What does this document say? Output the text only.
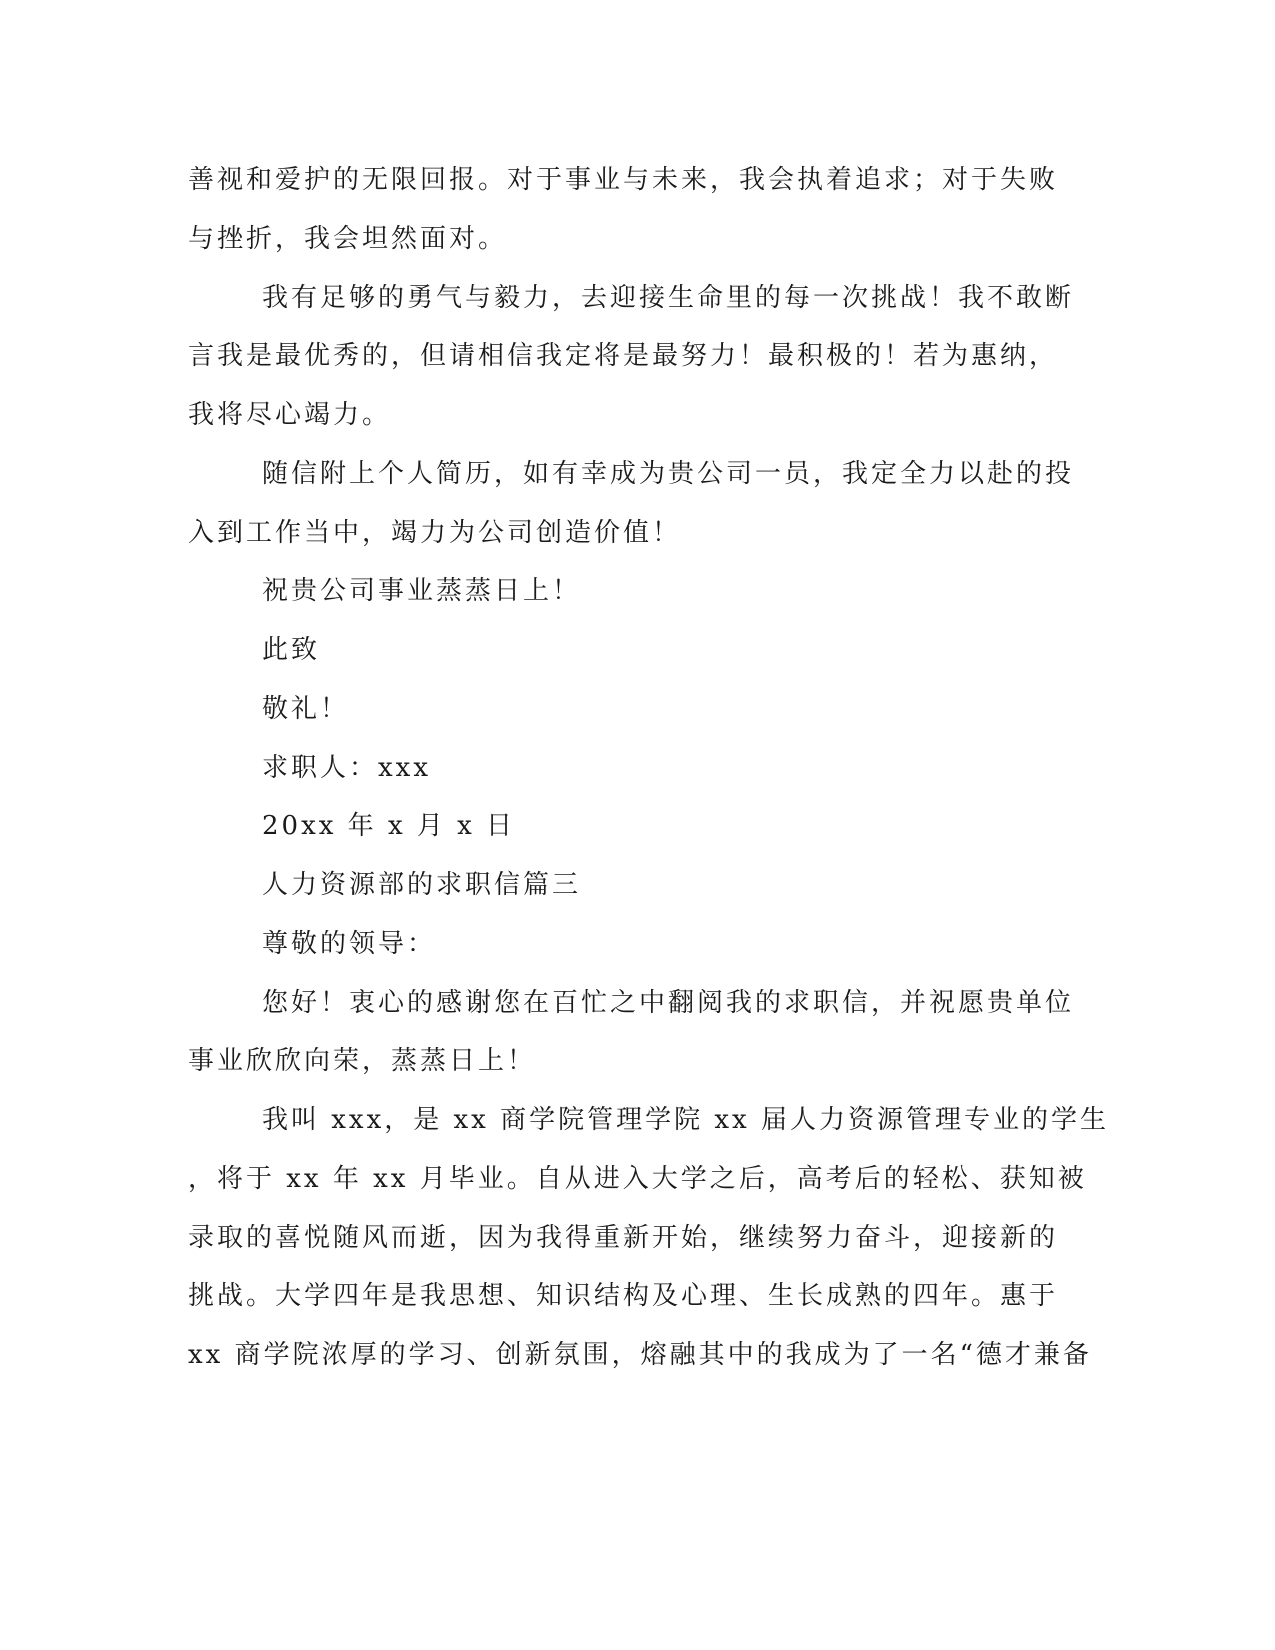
善视和爱护的无限回报。对于事业与未来，我会执着追求；对于失败
与挫折，我会坦然面对。
我有足够的勇气与毅力，去迎接生命里的每一次挑战！我不敢断
言我是最优秀的，但请相信我定将是最努力！最积极的！若为惠纳，
我将尽心竭力。
随信附上个人简历，如有幸成为贵公司一员，我定全力以赴的投
入到工作当中，竭力为公司创造价值！
祝贵公司事业蒸蒸日上！
此致
敬礼！
求职人：xxx
20xx 年 x 月 x 日
人力资源部的求职信篇三
尊敬的领导：
您好！衷心的感谢您在百忙之中翻阅我的求职信，并祝愿贵单位
事业欣欣向荣，蒸蒸日上！
我叫 xxx，是 xx 商学院管理学院 xx 届人力资源管理专业的学生
，将于 xx 年 xx 月毕业。自从进入大学之后，高考后的轻松、获知被
录取的喜悦随风而逝，因为我得重新开始，继续努力奋斗，迎接新的
挑战。大学四年是我思想、知识结构及心理、生长成熟的四年。惠于
xx 商学院浓厚的学习、创新氛围，熔融其中的我成为了一名“德才兼备
